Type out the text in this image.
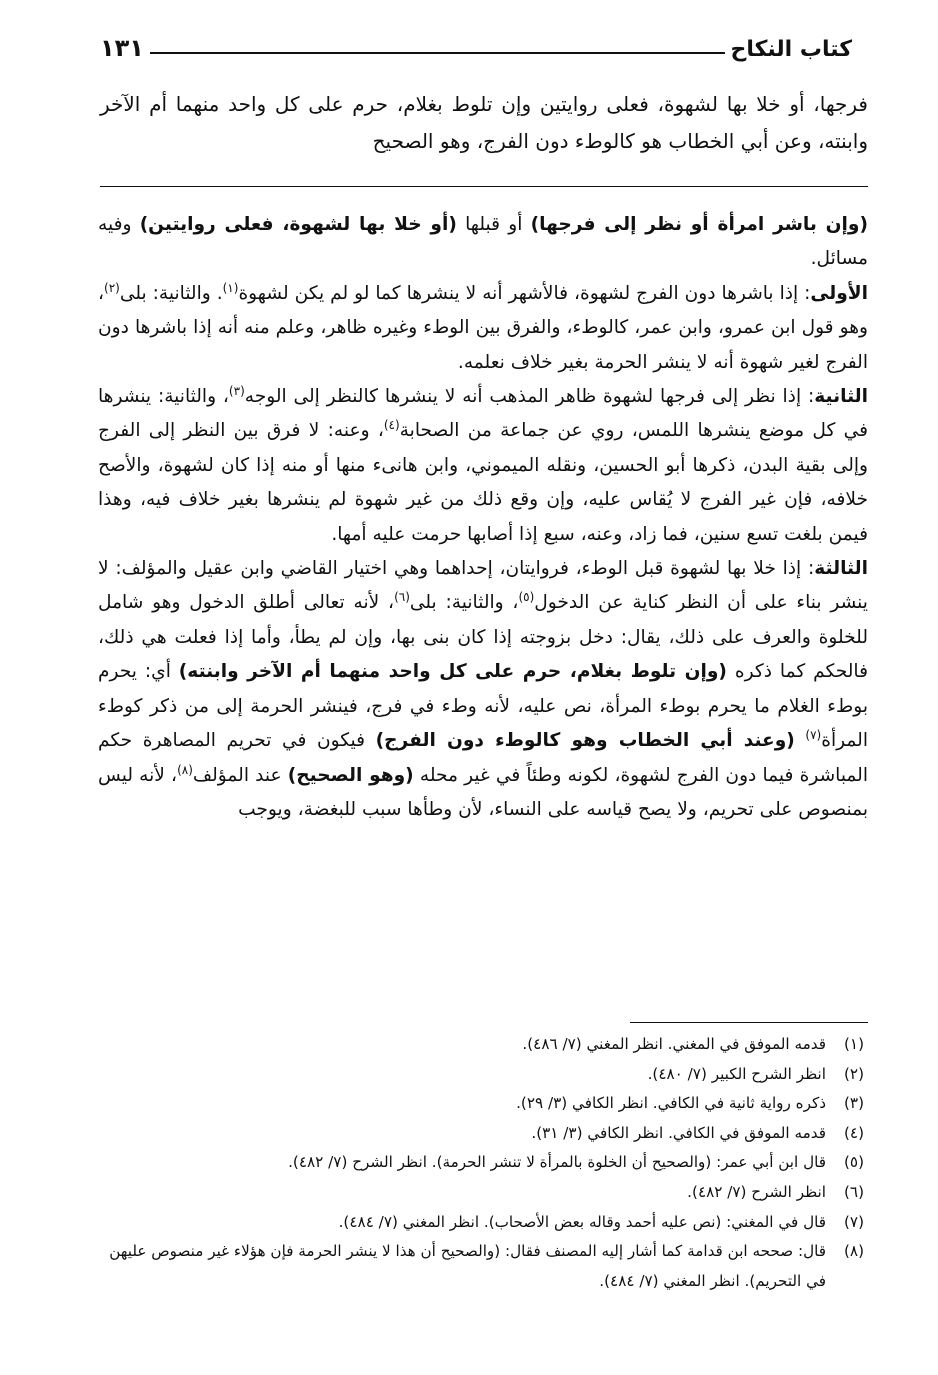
كتاب النكاح
١٣١
فرجها، أو خلا بها لشهوة، فعلى روايتين وإن تلوط بغلام، حرم على كل واحد منهما أم الآخر وابنته، وعن أبي الخطاب هو كالوطء دون الفرج، وهو الصحيح

(وإن باشر امرأة أو نظر إلى فرجها) أو قبلها (أو خلا بها لشهوة، فعلى روايتين) وفيه مسائل.

الأولى: إذا باشرها دون الفرج لشهوة، فالأشهر أنه لا ينشرها كما لو لم يكن لشهوة$^{(١)}$. والثانية: بلى$^{(٢)}$، وهو قول ابن عمرو، وابن عمر، كالوطء، والفرق بين الوطء وغيره ظاهر، وعلم منه أنه إذا باشرها دون الفرج لغير شهوة أنه لا ينشر الحرمة بغير خلاف نعلمه.

الثانية: إذا نظر إلى فرجها لشهوة ظاهر المذهب أنه لا ينشرها كالنظر إلى الوجه$^{(٣)}$، والثانية: ينشرها في كل موضع ينشرها اللمس، روي عن جماعة من الصحابة$^{(٤)}$، وعنه: لا فرق بين النظر إلى الفرج وإلى بقية البدن، ذكرها أبو الحسين، ونقله الميموني، وابن هانىء منها أو منه إذا كان لشهوة، والأصح خلافه، فإن غير الفرج لا يُقاس عليه، وإن وقع ذلك من غير شهوة لم ينشرها بغير خلاف فيه، وهذا فيمن بلغت تسع سنين، فما زاد، وعنه، سبع إذا أصابها حرمت عليه أمها.

الثالثة: إذا خلا بها لشهوة قبل الوطء، فروايتان، إحداهما وهي اختيار القاضي وابن عقيل والمؤلف: لا ينشر بناء على أن النظر كناية عن الدخول$^{(٥)}$، والثانية: بلى$^{(٦)}$، لأنه تعالى أطلق الدخول وهو شامل للخلوة والعرف على ذلك، يقال: دخل بزوجته إذا كان بنى بها، وإن لم يطأ، وأما إذا فعلت هي ذلك، فالحكم كما ذكره (وإن تلوط بغلام، حرم على كل واحد منهما أم الآخر وابنته) أي: يحرم بوطء الغلام ما يحرم بوطء المرأة، نص عليه، لأنه وطء في فرج، فينشر الحرمة إلى من ذكر كوطء المرأة$^{(٧)}$ (وعند أبي الخطاب وهو كالوطء دون الفرج) فيكون في تحريم المصاهرة حكم المباشرة فيما دون الفرج لشهوة، لكونه وطئاً في غير محله (وهو الصحيح) عند المؤلف$^{(٨)}$، لأنه ليس بمنصوص على تحريم، ولا يصح قياسه على النساء، لأن وطأها سبب للبغضة، ويوجب

(١)
قدمه الموفق في المغني. انظر المغني (٧/ ٤٨٦).
(٢)
انظر الشرح الكبير (٧/ ٤٨٠).
(٣)
ذكره رواية ثانية في الكافي. انظر الكافي (٣/ ٢٩).
(٤)
قدمه الموفق في الكافي. انظر الكافي (٣/ ٣١).
(٥)
قال ابن أبي عمر: (والصحيح أن الخلوة بالمرأة لا تنشر الحرمة). انظر الشرح (٧/ ٤٨٢).
(٦)
انظر الشرح (٧/ ٤٨٢).
(٧)
قال في المغني: (نص عليه أحمد وقاله بعض الأصحاب). انظر المغني (٧/ ٤٨٤).
(٨)
قال: صححه ابن قدامة كما أشار إليه المصنف فقال: (والصحيح أن هذا لا ينشر الحرمة فإن هؤلاء غير منصوص عليهن في التحريم). انظر المغني (٧/ ٤٨٤).
